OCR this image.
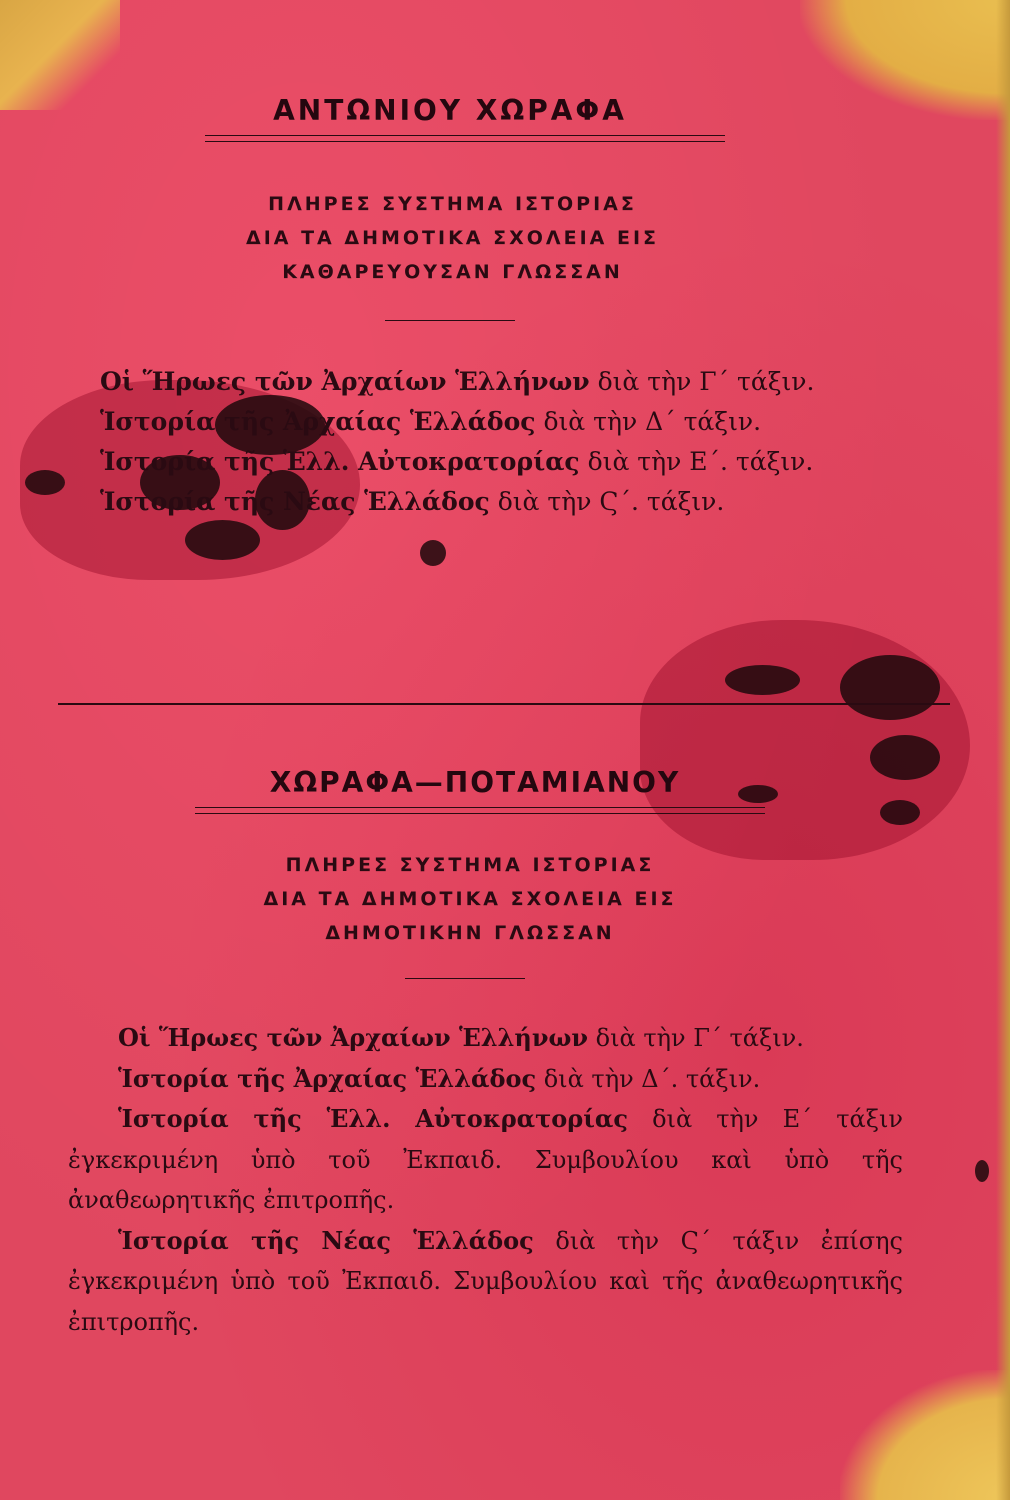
ΑΝΤΩΝΙΟΥ ΧΩΡΑΦΑ
ΠΛΗΡΕΣ ΣΥΣΤΗΜΑ ΙΣΤΟΡΙΑΣ
ΔΙΑ ΤΑ ΔΗΜΟΤΙΚΑ ΣΧΟΛΕΙΑ ΕΙΣ
ΚΑΘΑΡΕΥΟΥΣΑΝ ΓΛΩΣΣΑΝ
Οἱ Ἥρωες τῶν Ἀρχαίων Ἑλλήνων διὰ τὴν Γ΄ τάξιν.
Ἱστορία τῆς Ἀρχαίας Ἑλλάδος διὰ τὴν Δ΄ τάξιν.
Ἱστορία τῆς Ἑλλ. Αὐτοκρατορίας διὰ τὴν Ε΄. τάξιν.
Ἱστορία τῆς Νέας Ἑλλάδος διὰ τὴν Ϛ΄. τάξιν.
ΧΩΡΑΦΑ—ΠΟΤΑΜΙΑΝΟΥ
ΠΛΗΡΕΣ ΣΥΣΤΗΜΑ ΙΣΤΟΡΙΑΣ
ΔΙΑ ΤΑ ΔΗΜΟΤΙΚΑ ΣΧΟΛΕΙΑ ΕΙΣ
ΔΗΜΟΤΙΚΗΝ ΓΛΩΣΣΑΝ
Οἱ Ἥρωες τῶν Ἀρχαίων Ἑλλήνων διὰ τὴν Γ΄ τάξιν.
Ἱστορία τῆς Ἀρχαίας Ἑλλάδος διὰ τὴν Δ΄. τάξιν.
Ἱστορία τῆς Ἑλλ. Αὐτοκρατορίας διὰ τὴν Ε΄ τάξιν ἐγκεκριμένη ὑπὸ τοῦ Ἐκπαιδ. Συμβουλίου καὶ ὑπὸ τῆς ἀναθεωρητικῆς ἐπιτροπῆς.
Ἱστορία τῆς Νέας Ἑλλάδος διὰ τὴν Ϛ΄ τάξιν ἐπίσης ἐγκεκριμένη ὑπὸ τοῦ Ἐκπαιδ. Συμβουλίου καὶ τῆς ἀναθεωρητικῆς ἐπιτροπῆς.
